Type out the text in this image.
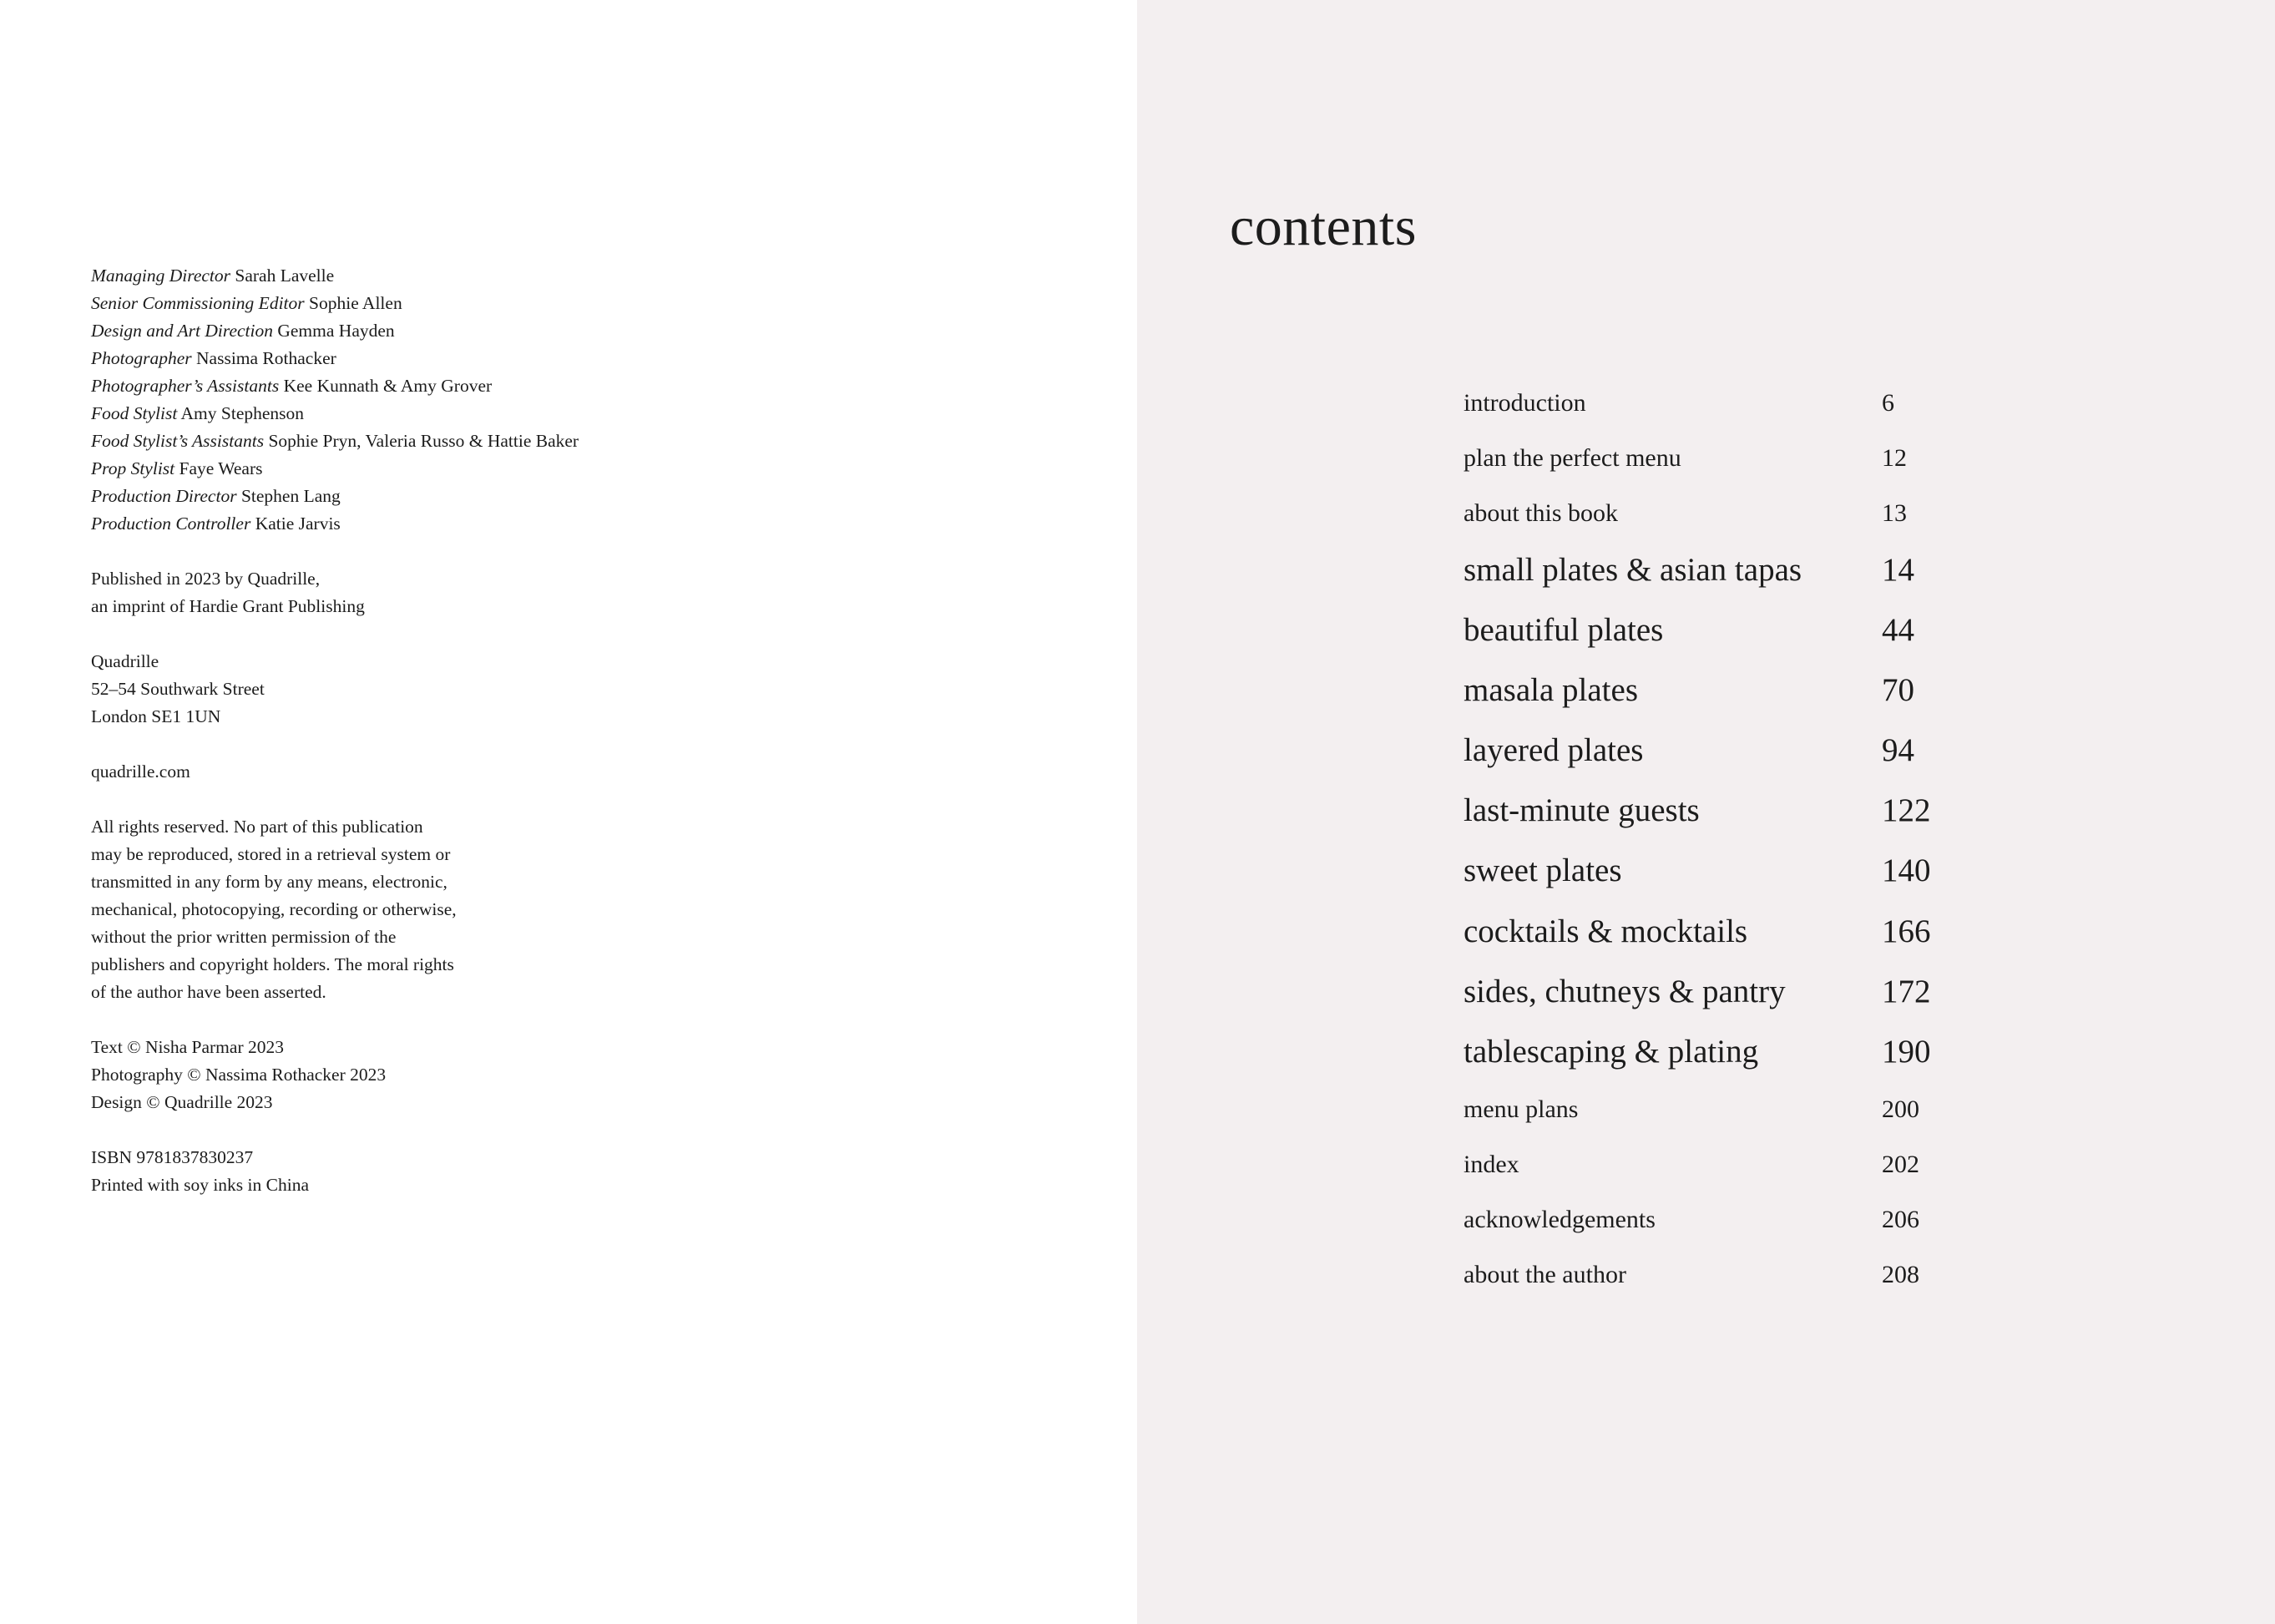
Managing Director Sarah Lavelle
Senior Commissioning Editor Sophie Allen
Design and Art Direction Gemma Hayden
Photographer Nassima Rothacker
Photographer’s Assistants Kee Kunnath & Amy Grover
Food Stylist Amy Stephenson
Food Stylist’s Assistants Sophie Pryn, Valeria Russo & Hattie Baker
Prop Stylist Faye Wears
Production Director Stephen Lang
Production Controller Katie Jarvis
Published in 2023 by Quadrille,
an imprint of Hardie Grant Publishing
Quadrille
52–54 Southwark Street
London SE1 1UN
quadrille.com
All rights reserved. No part of this publication
may be reproduced, stored in a retrieval system or
transmitted in any form by any means, electronic,
mechanical, photocopying, recording or otherwise,
without the prior written permission of the
publishers and copyright holders. The moral rights
of the author have been asserted.
Text © Nisha Parmar 2023
Photography © Nassima Rothacker 2023
Design © Quadrille 2023
ISBN 9781837830237
Printed with soy inks in China
contents
introduction	6
plan the perfect menu	12
about this book	13
small plates & asian tapas 14
beautiful plates	44
masala plates	70
layered plates	94
last-minute guests	122
sweet plates	140
cocktails & mocktails	166
sides, chutneys & pantry	172
tablescaping & plating	190
menu plans	200
index	202
acknowledgements	206
about the author	208
